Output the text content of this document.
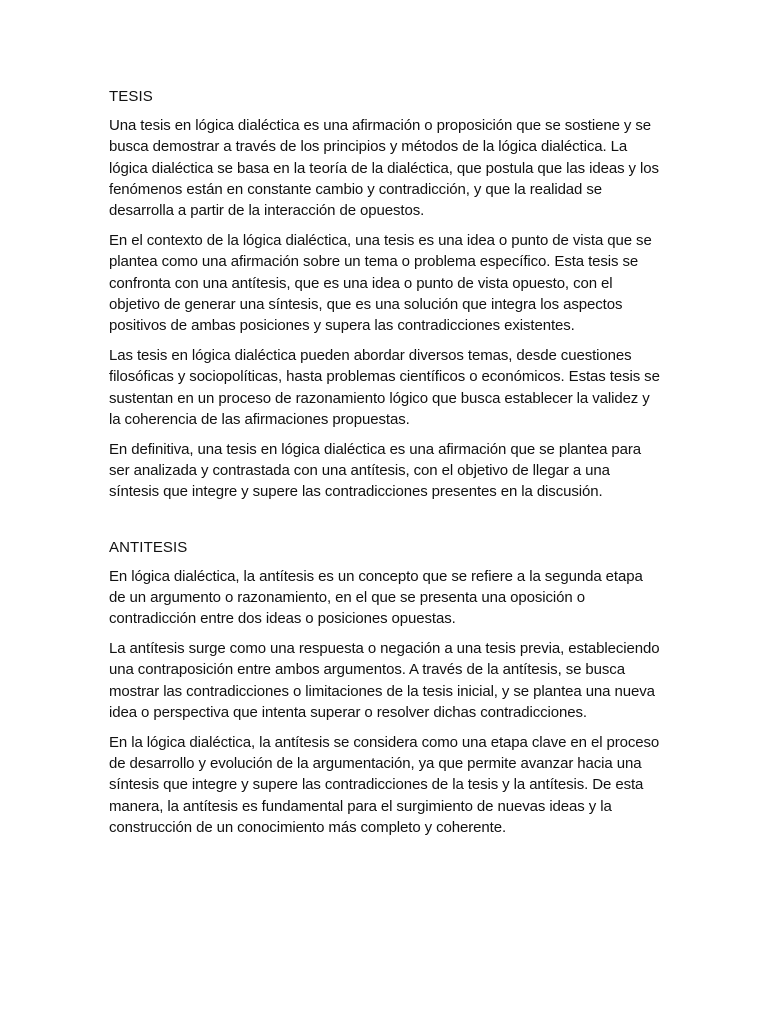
TESIS

Una tesis en lógica dialéctica es una afirmación o proposición que se sostiene y se busca demostrar a través de los principios y métodos de la lógica dialéctica. La lógica dialéctica se basa en la teoría de la dialéctica, que postula que las ideas y los fenómenos están en constante cambio y contradicción, y que la realidad se desarrolla a partir de la interacción de opuestos.

En el contexto de la lógica dialéctica, una tesis es una idea o punto de vista que se plantea como una afirmación sobre un tema o problema específico. Esta tesis se confronta con una antítesis, que es una idea o punto de vista opuesto, con el objetivo de generar una síntesis, que es una solución que integra los aspectos positivos de ambas posiciones y supera las contradicciones existentes.

Las tesis en lógica dialéctica pueden abordar diversos temas, desde cuestiones filosóficas y sociopolíticas, hasta problemas científicos o económicos. Estas tesis se sustentan en un proceso de razonamiento lógico que busca establecer la validez y la coherencia de las afirmaciones propuestas.

En definitiva, una tesis en lógica dialéctica es una afirmación que se plantea para ser analizada y contrastada con una antítesis, con el objetivo de llegar a una síntesis que integre y supere las contradicciones presentes en la discusión.

ANTITESIS

En lógica dialéctica, la antítesis es un concepto que se refiere a la segunda etapa de un argumento o razonamiento, en el que se presenta una oposición o contradicción entre dos ideas o posiciones opuestas.

La antítesis surge como una respuesta o negación a una tesis previa, estableciendo una contraposición entre ambos argumentos. A través de la antítesis, se busca mostrar las contradicciones o limitaciones de la tesis inicial, y se plantea una nueva idea o perspectiva que intenta superar o resolver dichas contradicciones.

En la lógica dialéctica, la antítesis se considera como una etapa clave en el proceso de desarrollo y evolución de la argumentación, ya que permite avanzar hacia una síntesis que integre y supere las contradicciones de la tesis y la antítesis. De esta manera, la antítesis es fundamental para el surgimiento de nuevas ideas y la construcción de un conocimiento más completo y coherente.
